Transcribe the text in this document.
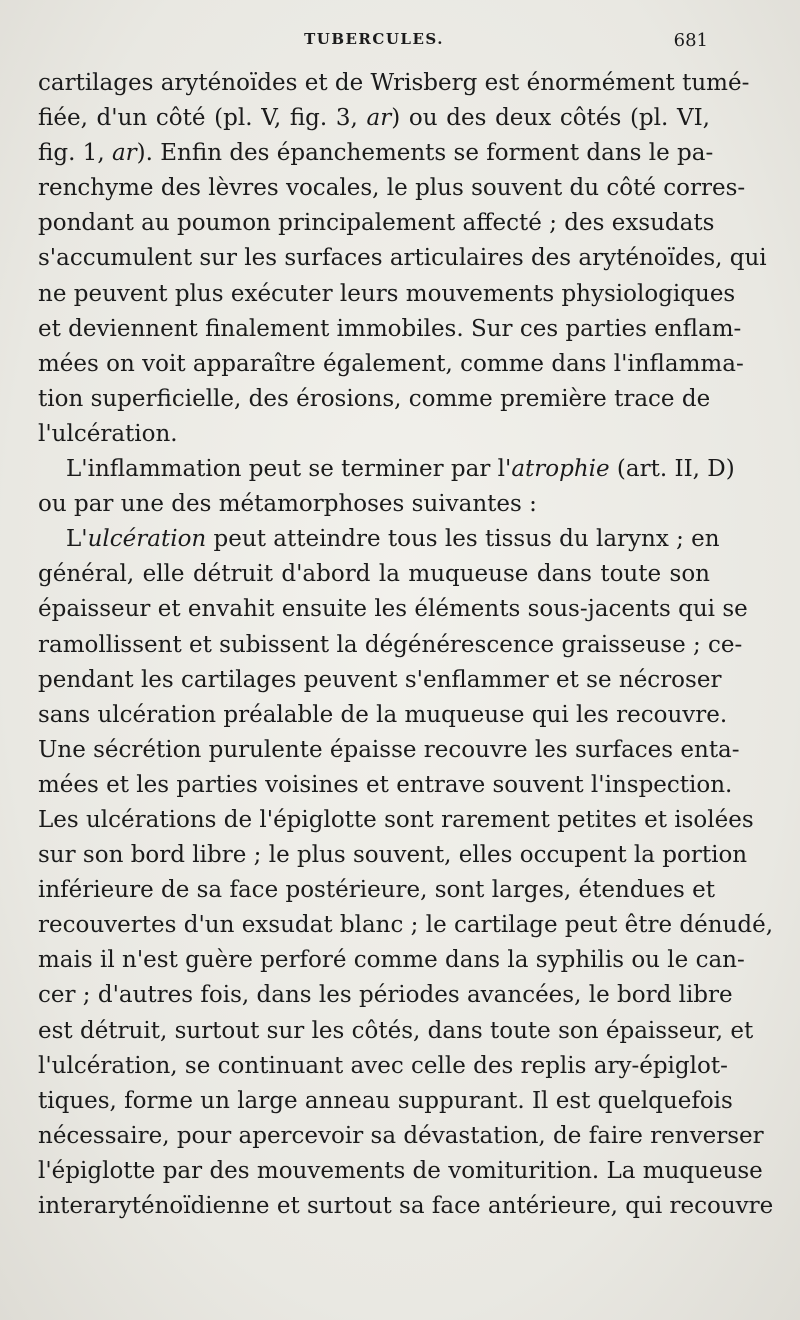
TUBERCULES.	681
cartilages aryténoïdes et de Wrisberg est énormément tumé-
fiée, d'un côté (pl. V, fig. 3, ar) ou des deux côtés (pl. VI,
fig. 1, ar). Enfin des épanchements se forment dans le pa-
renchyme des lèvres vocales, le plus souvent du côté corres-
pondant au poumon principalement affecté ; des exsudats
s'accumulent sur les surfaces articulaires des aryténoïdes, qui
ne peuvent plus exécuter leurs mouvements physiologiques
et deviennent finalement immobiles. Sur ces parties enflam-
mées on voit apparaître également, comme dans l'inflamma-
tion superficielle, des érosions, comme première trace de
l'ulcération.
L'inflammation peut se terminer par l'atrophie (art. II, D)
ou par une des métamorphoses suivantes :
L'ulcération peut atteindre tous les tissus du larynx ; en
général, elle détruit d'abord la muqueuse dans toute son
épaisseur et envahit ensuite les éléments sous-jacents qui se
ramollissent et subissent la dégénérescence graisseuse ; ce-
pendant les cartilages peuvent s'enflammer et se nécroser
sans ulcération préalable de la muqueuse qui les recouvre.
Une sécrétion purulente épaisse recouvre les surfaces enta-
mées et les parties voisines et entrave souvent l'inspection.
Les ulcérations de l'épiglotte sont rarement petites et isolées
sur son bord libre ; le plus souvent, elles occupent la portion
inférieure de sa face postérieure, sont larges, étendues et
recouvertes d'un exsudat blanc ; le cartilage peut être dénudé,
mais il n'est guère perforé comme dans la syphilis ou le can-
cer ; d'autres fois, dans les périodes avancées, le bord libre
est détruit, surtout sur les côtés, dans toute son épaisseur, et
l'ulcération, se continuant avec celle des replis ary-épiglot-
tiques, forme un large anneau suppurant. Il est quelquefois
nécessaire, pour apercevoir sa dévastation, de faire renverser
l'épiglotte par des mouvements de vomiturition. La muqueuse
interaryténoïdienne et surtout sa face antérieure, qui recouvre
